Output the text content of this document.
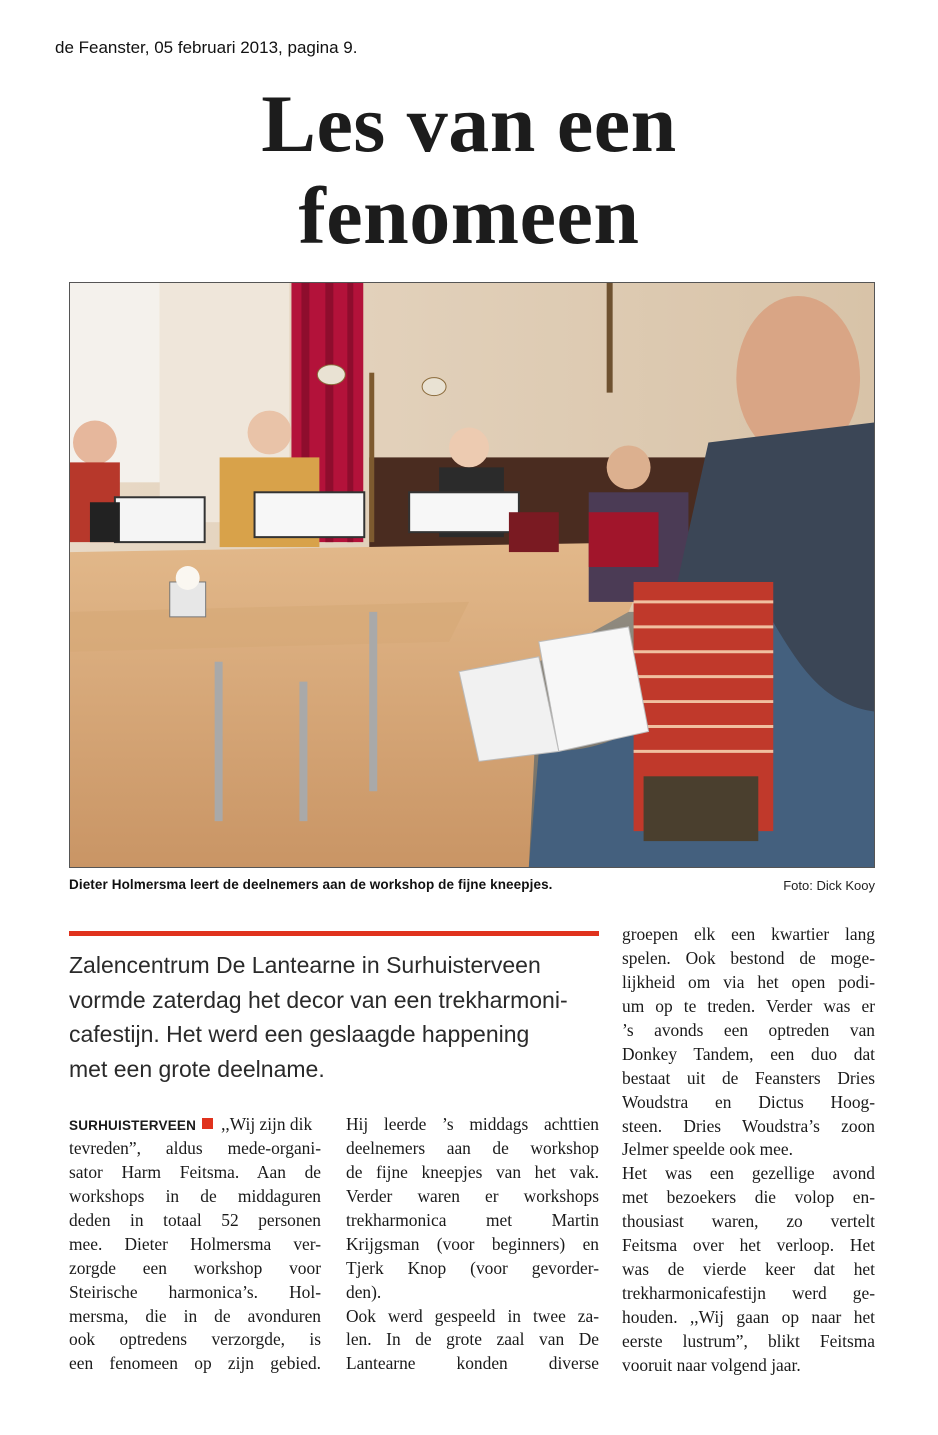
de Feanster, 05 februari 2013, pagina 9.
Les van een
fenomeen
Dieter Holmersma leert de deelnemers aan de workshop de fijne kneepjes.	Foto: Dick Kooy
Zalencentrum De Lantearne in Surhuisterveen
vormde zaterdag het decor van een trekharmoni-
cafestijn. Het werd een geslaagde happening
met een grote deelname.
SURHUISTERVEEN ,,Wij zijn dik
tevreden”, aldus mede-organi-
sator Harm Feitsma. Aan de
workshops in de middaguren
deden in totaal 52 personen
mee. Dieter Holmersma ver-
zorgde een workshop voor
Steirische harmonica’s. Hol-
mersma, die in de avonduren
ook optredens verzorgde, is
een fenomeen op zijn gebied.
Hij leerde ’s middags achttien
deelnemers aan de workshop
de fijne kneepjes van het vak.
Verder waren er workshops
trekharmonica met Martin
Krijgsman (voor beginners) en
Tjerk Knop (voor gevorder-
den).
Ook werd gespeeld in twee za-
len. In de grote zaal van De
Lantearne konden diverse
groepen elk een kwartier lang
spelen. Ook bestond de moge-
lijkheid om via het open podi-
um op te treden. Verder was er
’s avonds een optreden van
Donkey Tandem, een duo dat
bestaat uit de Feansters Dries
Woudstra en Dictus Hoog-
steen. Dries Woudstra’s zoon
Jelmer speelde ook mee.
Het was een gezellige avond
met bezoekers die volop en-
thousiast waren, zo vertelt
Feitsma over het verloop. Het
was de vierde keer dat het
trekharmonicafestijn werd ge-
houden. ,,Wij gaan op naar het
eerste lustrum”, blikt Feitsma
vooruit naar volgend jaar.
